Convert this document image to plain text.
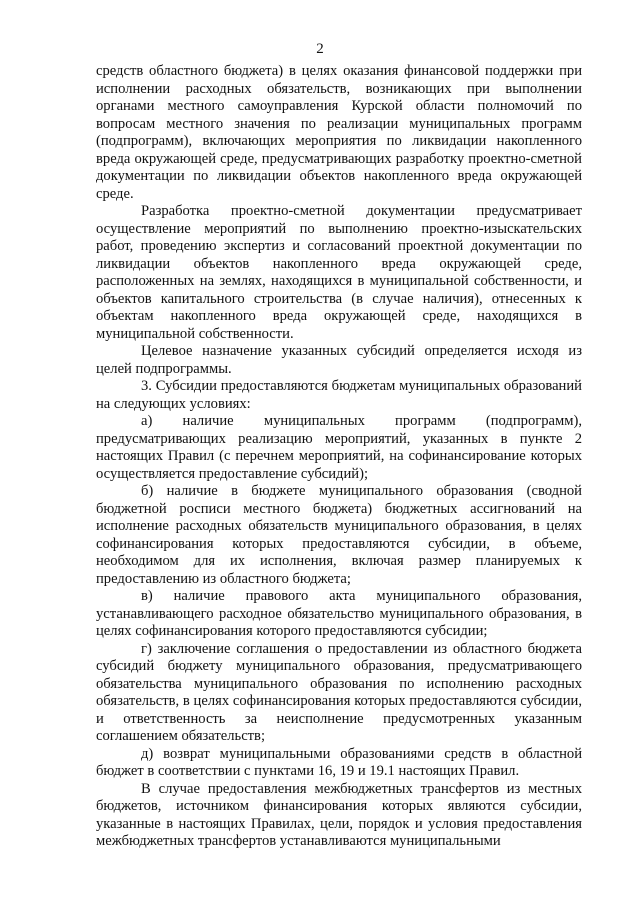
2

средств областного бюджета) в целях оказания финансовой поддержки при исполнении расходных обязательств, возникающих при выполнении органами местного самоуправления Курской области полномочий по вопросам местного значения по реализации муниципальных программ (подпрограмм), включающих мероприятия по ликвидации накопленного вреда окружающей среде, предусматривающих разработку проектно-сметной документации по ликвидации объектов накопленного вреда окружающей среде.

Разработка проектно-сметной документации предусматривает осуществление мероприятий по выполнению проектно-изыскательских работ, проведению экспертиз и согласований проектной документации по ликвидации объектов накопленного вреда окружающей среде, расположенных на землях, находящихся в муниципальной собственности, и объектов капитального строительства (в случае наличия), отнесенных к объектам накопленного вреда окружающей среде, находящихся в муниципальной собственности.

Целевое назначение указанных субсидий определяется исходя из целей подпрограммы.

3. Субсидии предоставляются бюджетам муниципальных образований на следующих условиях:

а) наличие муниципальных программ (подпрограмм), предусматривающих реализацию мероприятий, указанных в пункте 2 настоящих Правил (с перечнем мероприятий, на софинансирование которых осуществляется предоставление субсидий);

б) наличие в бюджете муниципального образования (сводной бюджетной росписи местного бюджета) бюджетных ассигнований на исполнение расходных обязательств муниципального образования, в целях софинансирования которых предоставляются субсидии, в объеме, необходимом для их исполнения, включая размер планируемых к предоставлению из областного бюджета;

в) наличие правового акта муниципального образования, устанавливающего расходное обязательство муниципального образования, в целях софинансирования которого предоставляются субсидии;

г) заключение соглашения о предоставлении из областного бюджета субсидий бюджету муниципального образования, предусматривающего обязательства муниципального образования по исполнению расходных обязательств, в целях софинансирования которых предоставляются субсидии, и ответственность за неисполнение предусмотренных указанным соглашением обязательств;

д) возврат муниципальными образованиями средств в областной бюджет в соответствии с пунктами 16, 19 и 19.1 настоящих Правил.

В случае предоставления межбюджетных трансфертов из местных бюджетов, источником финансирования которых являются субсидии, указанные в настоящих Правилах, цели, порядок и условия предоставления межбюджетных трансфертов устанавливаются муниципальными
